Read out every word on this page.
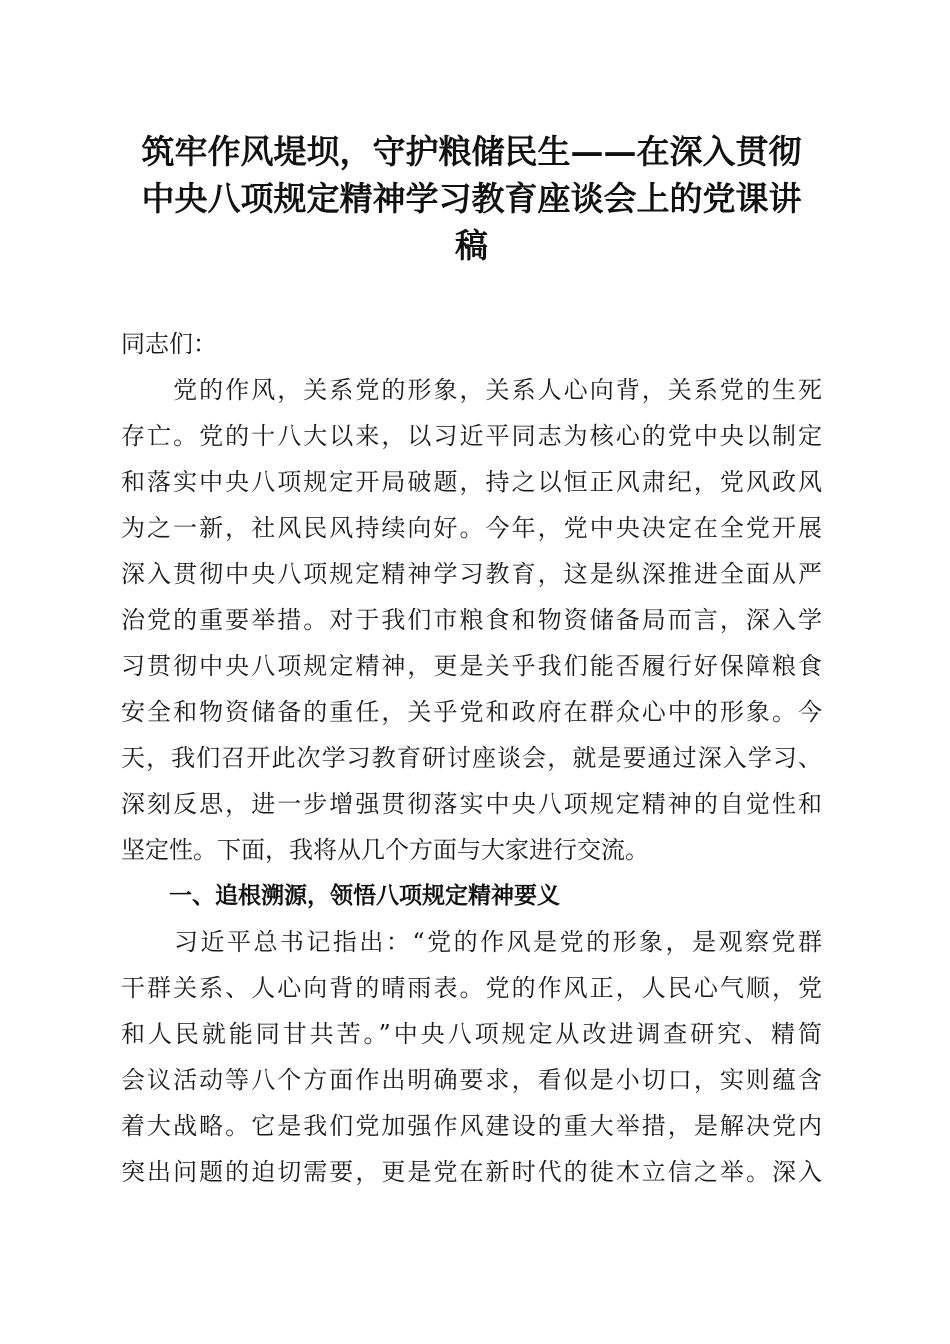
筑牢作风堤坝，守护粮储民生——在深入贯彻
中央八项规定精神学习教育座谈会上的党课讲
稿

同志们：

　　党的作风，关系党的形象，关系人心向背，关系党的生死
存亡。党的十八大以来，以习近平同志为核心的党中央以制定
和落实中央八项规定开局破题，持之以恒正风肃纪，党风政风
为之一新，社风民风持续向好。今年，党中央决定在全党开展
深入贯彻中央八项规定精神学习教育，这是纵深推进全面从严
治党的重要举措。对于我们市粮食和物资储备局而言，深入学
习贯彻中央八项规定精神，更是关乎我们能否履行好保障粮食
安全和物资储备的重任，关乎党和政府在群众心中的形象。今
天，我们召开此次学习教育研讨座谈会，就是要通过深入学习、
深刻反思，进一步增强贯彻落实中央八项规定精神的自觉性和
坚定性。下面，我将从几个方面与大家进行交流。

一、追根溯源，领悟八项规定精神要义

　　习近平总书记指出：“党的作风是党的形象，是观察党群
干群关系、人心向背的晴雨表。党的作风正，人民心气顺，党
和人民就能同甘共苦。”中央八项规定从改进调查研究、精简
会议活动等八个方面作出明确要求，看似是小切口，实则蕴含
着大战略。它是我们党加强作风建设的重大举措，是解决党内
突出问题的迫切需要，更是党在新时代的徙木立信之举。深入
